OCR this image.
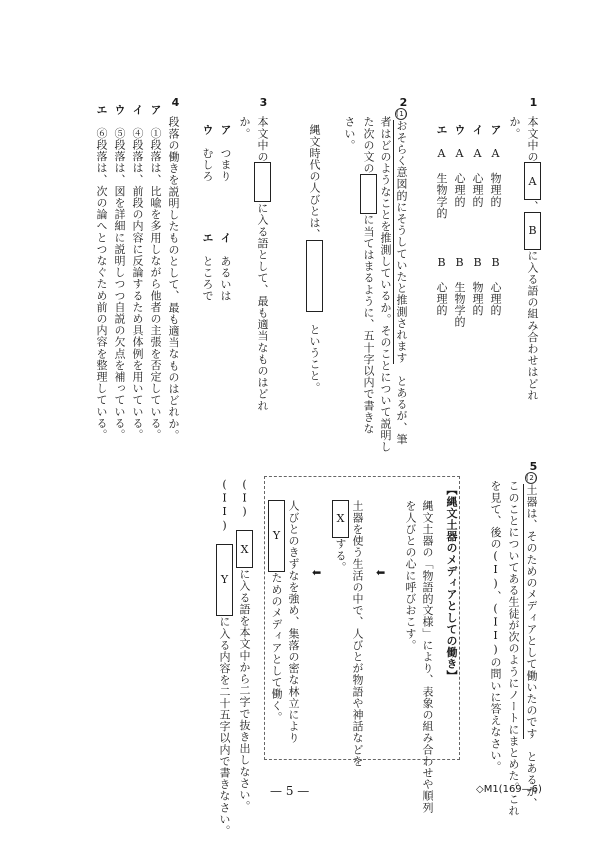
1
本文中のA、Bに入る語の組み合わせはどれ
か。
ア　A　物理的
B　心理的
イ　A　心理的
B　物理的
ウ　A　心理的
B　生物学的
エ　A　生物学的
B　心理的
2
(1)おそらく意図的にそうしていたと推測されます　とあるが、筆
者はどのようなことを推測しているか。そのことについて説明し
た次の文のに当てはまるように、五十字以内で書きな
さい。
縄文時代の人びとは、　ということ。
3
本文中のに入る語として、最も適当なものはどれ
か。
ア　つまり
イ　あるいは
ウ　むしろ
エ　ところで
4
段落の働きを説明したものとして、最も適当なものはどれか。
ア　①段落は、比喩を多用しながら他者の主張を否定している。
イ　④段落は、前段の内容に反論するため具体例を用いている。
ウ　⑤段落は、図を詳細に説明しつつ自説の欠点を補っている。
エ　⑥段落は、次の論へとつなぐため前の内容を整理している。
5
(2)土器は、そのためのメディアとして働いたのです　とあるが、
このことについてある生徒が次のようにノートにまとめた。これ
を見て、後の(I)、(II)の問いに答えなさい。
【縄文土器のメディアとしての働き】
縄文土器の「物語的文様」により、表象の組み合わせや順列
を人びとの心に呼びおこす。
⬅
土器を使う生活の中で、人びとが物語や神話などを
Xする。
⬅
人びとのきずなを強め、集落の密な林立により
Yためのメディアとして働く。
(I)　Xに入る語を本文中から二字で抜き出しなさい。
(II)　Yに入る内容を二十五字以内で書きなさい。	— 5 —	◇M1(169—6)
